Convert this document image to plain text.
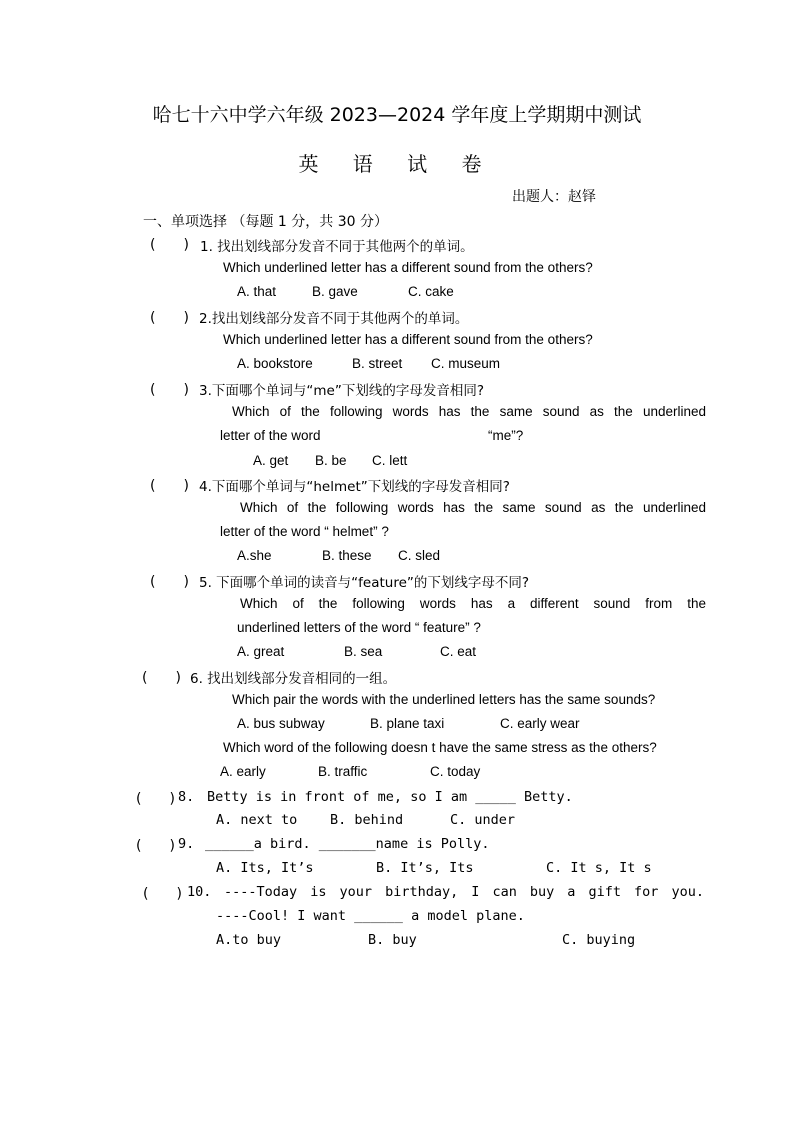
哈七十六中学六年级 2023—2024 学年度上学期期中测试
英 语 试 卷
出题人：赵铎
一、单项选择 （每题 1 分，共 30 分）
(　　) 1. 找出划线部分发音不同于其他两个的单词。
Which underlined letter has a different sound from the others?
A. that	B. gave	C. cake
(　　) 2.找出划线部分发音不同于其他两个的单词。
Which underlined letter has a different sound from the others?
A. bookstore	B. street C. museum
(　　) 3.下面哪个单词与“me”下划线的字母发音相同?
Which of the following words has the same sound as the underlined
letter of the word	“me”?
A. get B. be C. lett
(　　) 4.下面哪个单词与“helmet”下划线的字母发音相同?
Which of the following words has the same sound as the underlined
letter of the word “ helmet” ?
A.she	B. these C. sled
(　　) 5. 下面哪个单词的读音与“feature”的下划线字母不同?
Which of the following words has a different sound from the
underlined letters of the word “ feature” ?
A. great	B. sea	C. eat
(　　) 6. 找出划线部分发音相同的一组。
Which pair the words with the underlined letters has the same sounds?
A. bus subway	B. plane taxi	C. early wear
Which word of the following doesn t have the same stress as the others?
A. early	B. traffic	C. today
(　　) 8. Betty is in front of me, so I am _____ Betty.
A. next to B. behind	C. under
(　　) 9. ______a bird. _______name is Polly.
A. Its, It’s	B. It’s, Its	C. It s, It s
(　　) 10. ----Today is your birthday, I can buy a gift for you.
----Cool! I want ______ a model plane.
A.to buy	B. buy	C. buying
